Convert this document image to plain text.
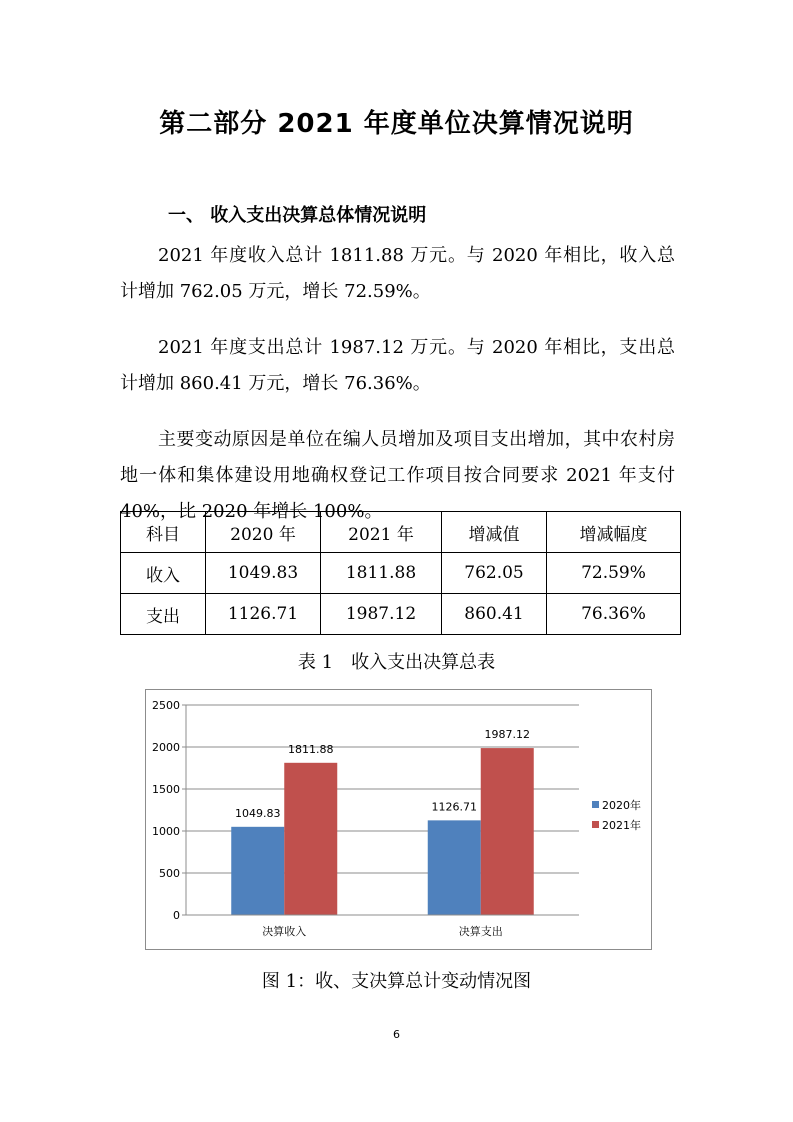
第二部分 2021 年度单位决算情况说明
一、 收入支出决算总体情况说明

2021 年度收入总计 1811.88 万元。与 2020 年相比，收入总计增加 762.05 万元，增长 72.59%。

2021 年度支出总计 1987.12 万元。与 2020 年相比，支出总计增加 860.41 万元，增长 76.36%。

主要变动原因是单位在编人员增加及项目支出增加，其中农村房地一体和集体建设用地确权登记工作项目按合同要求 2021 年支付 40%，比 2020 年增长 100%。

科目	2020 年	2021 年	增减值	增减幅度
收入	1049.83	1811.88	762.05	72.59%
支出	1126.71	1987.12	860.41	76.36%
表 1　收入支出决算总表
0
500
1000
1500
2000
2500
1049.83
1811.88
决算收入
1126.71
1987.12
决算支出
2020年
2021年
图 1：收、支决算总计变动情况图
6
